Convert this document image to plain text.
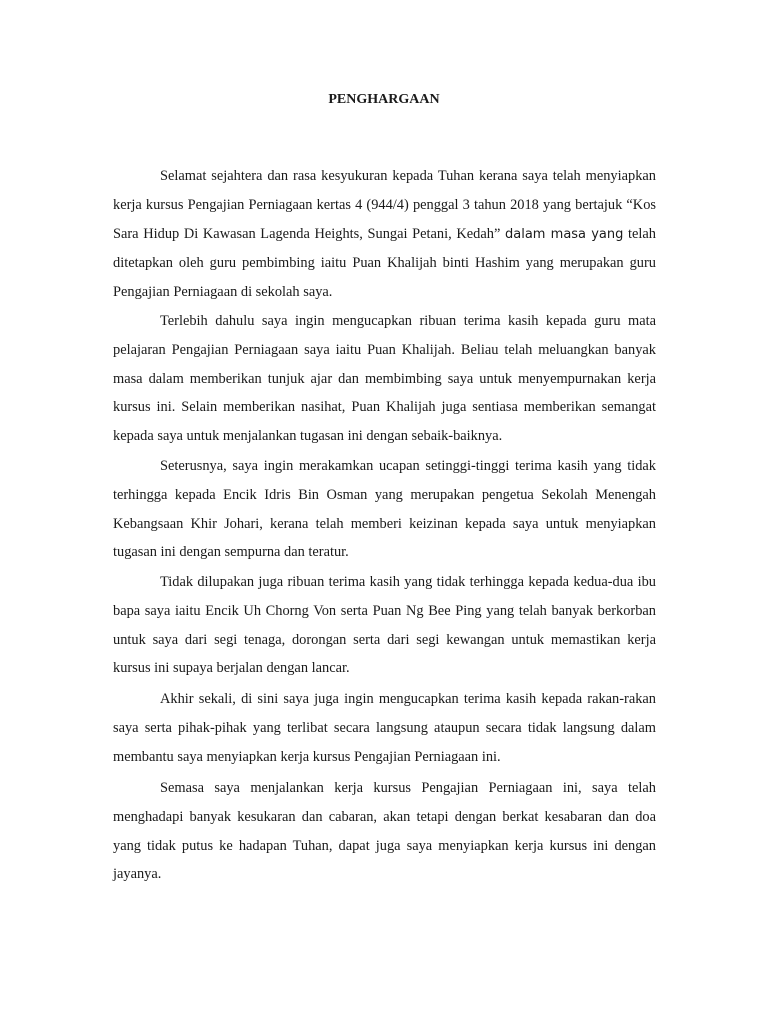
PENGHARGAAN

Selamat sejahtera dan rasa kesyukuran kepada Tuhan kerana saya telah menyiapkan kerja kursus Pengajian Perniagaan kertas 4 (944/4) penggal 3 tahun 2018 yang bertajuk “Kos Sara Hidup Di Kawasan Lagenda Heights, Sungai Petani, Kedah” dalam masa yang telah ditetapkan oleh guru pembimbing iaitu Puan Khalijah binti Hashim yang merupakan guru Pengajian Perniagaan di sekolah saya.

Terlebih dahulu saya ingin mengucapkan ribuan terima kasih kepada guru mata pelajaran Pengajian Perniagaan saya iaitu Puan Khalijah. Beliau telah meluangkan banyak masa dalam memberikan tunjuk ajar dan membimbing saya untuk menyempurnakan kerja kursus ini. Selain memberikan nasihat, Puan Khalijah juga sentiasa memberikan semangat kepada saya untuk menjalankan tugasan ini dengan sebaik-baiknya.

Seterusnya, saya ingin merakamkan ucapan setinggi-tinggi terima kasih yang tidak terhingga kepada Encik Idris Bin Osman yang merupakan pengetua Sekolah Menengah Kebangsaan Khir Johari, kerana telah memberi keizinan kepada saya untuk menyiapkan tugasan ini dengan sempurna dan teratur.

Tidak dilupakan juga ribuan terima kasih yang tidak terhingga kepada kedua-dua ibu bapa saya iaitu Encik Uh Chorng Von serta Puan Ng Bee Ping yang telah banyak berkorban untuk saya dari segi tenaga, dorongan serta dari segi kewangan untuk memastikan kerja kursus ini supaya berjalan dengan lancar.

Akhir sekali, di sini saya juga ingin mengucapkan terima kasih kepada rakan-rakan saya serta pihak-pihak yang terlibat secara langsung ataupun secara tidak langsung dalam membantu saya menyiapkan kerja kursus Pengajian Perniagaan ini.

Semasa saya menjalankan kerja kursus Pengajian Perniagaan ini, saya telah menghadapi banyak kesukaran dan cabaran, akan tetapi dengan berkat kesabaran dan doa yang tidak putus ke hadapan Tuhan, dapat juga saya menyiapkan kerja kursus ini dengan jayanya.
